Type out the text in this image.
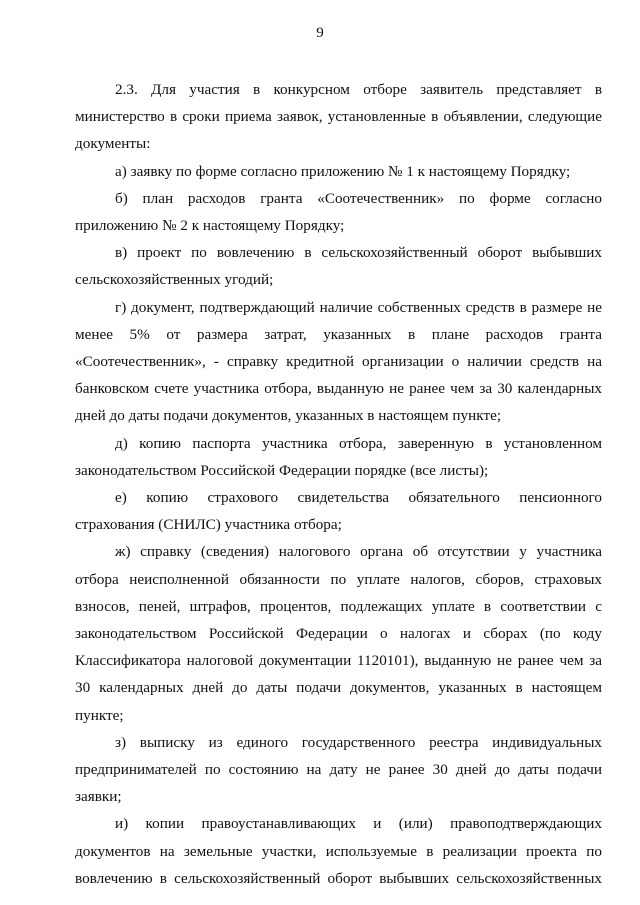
9

2.3. Для участия в конкурсном отборе заявитель представляет в министерство в сроки приема заявок, установленные в объявлении, следующие документы:

а) заявку по форме согласно приложению № 1 к настоящему Порядку;

б) план расходов гранта «Соотечественник» по форме согласно приложению № 2 к настоящему Порядку;

в) проект по вовлечению в сельскохозяйственный оборот выбывших сельскохозяйственных угодий;

г) документ, подтверждающий наличие собственных средств в размере не менее 5% от размера затрат, указанных в плане расходов гранта «Соотечественник», - справку кредитной организации о наличии средств на банковском счете участника отбора, выданную не ранее чем за 30 календарных дней до даты подачи документов, указанных в настоящем пункте;

д) копию паспорта участника отбора, заверенную в установленном законодательством Российской Федерации порядке (все листы);

е) копию страхового свидетельства обязательного пенсионного страхования (СНИЛС) участника отбора;

ж) справку (сведения) налогового органа об отсутствии у участника отбора неисполненной обязанности по уплате налогов, сборов, страховых взносов, пеней, штрафов, процентов, подлежащих уплате в соответствии с законодательством Российской Федерации о налогах и сборах (по коду Классификатора налоговой документации 1120101), выданную не ранее чем за 30 календарных дней до даты подачи документов, указанных в настоящем пункте;

з) выписку из единого государственного реестра индивидуальных предпринимателей по состоянию на дату не ранее 30 дней до даты подачи заявки;

и) копии правоустанавливающих и (или) правоподтверждающих документов на земельные участки, используемые в реализации проекта по вовлечению в сельскохозяйственный оборот выбывших сельскохозяйственных
